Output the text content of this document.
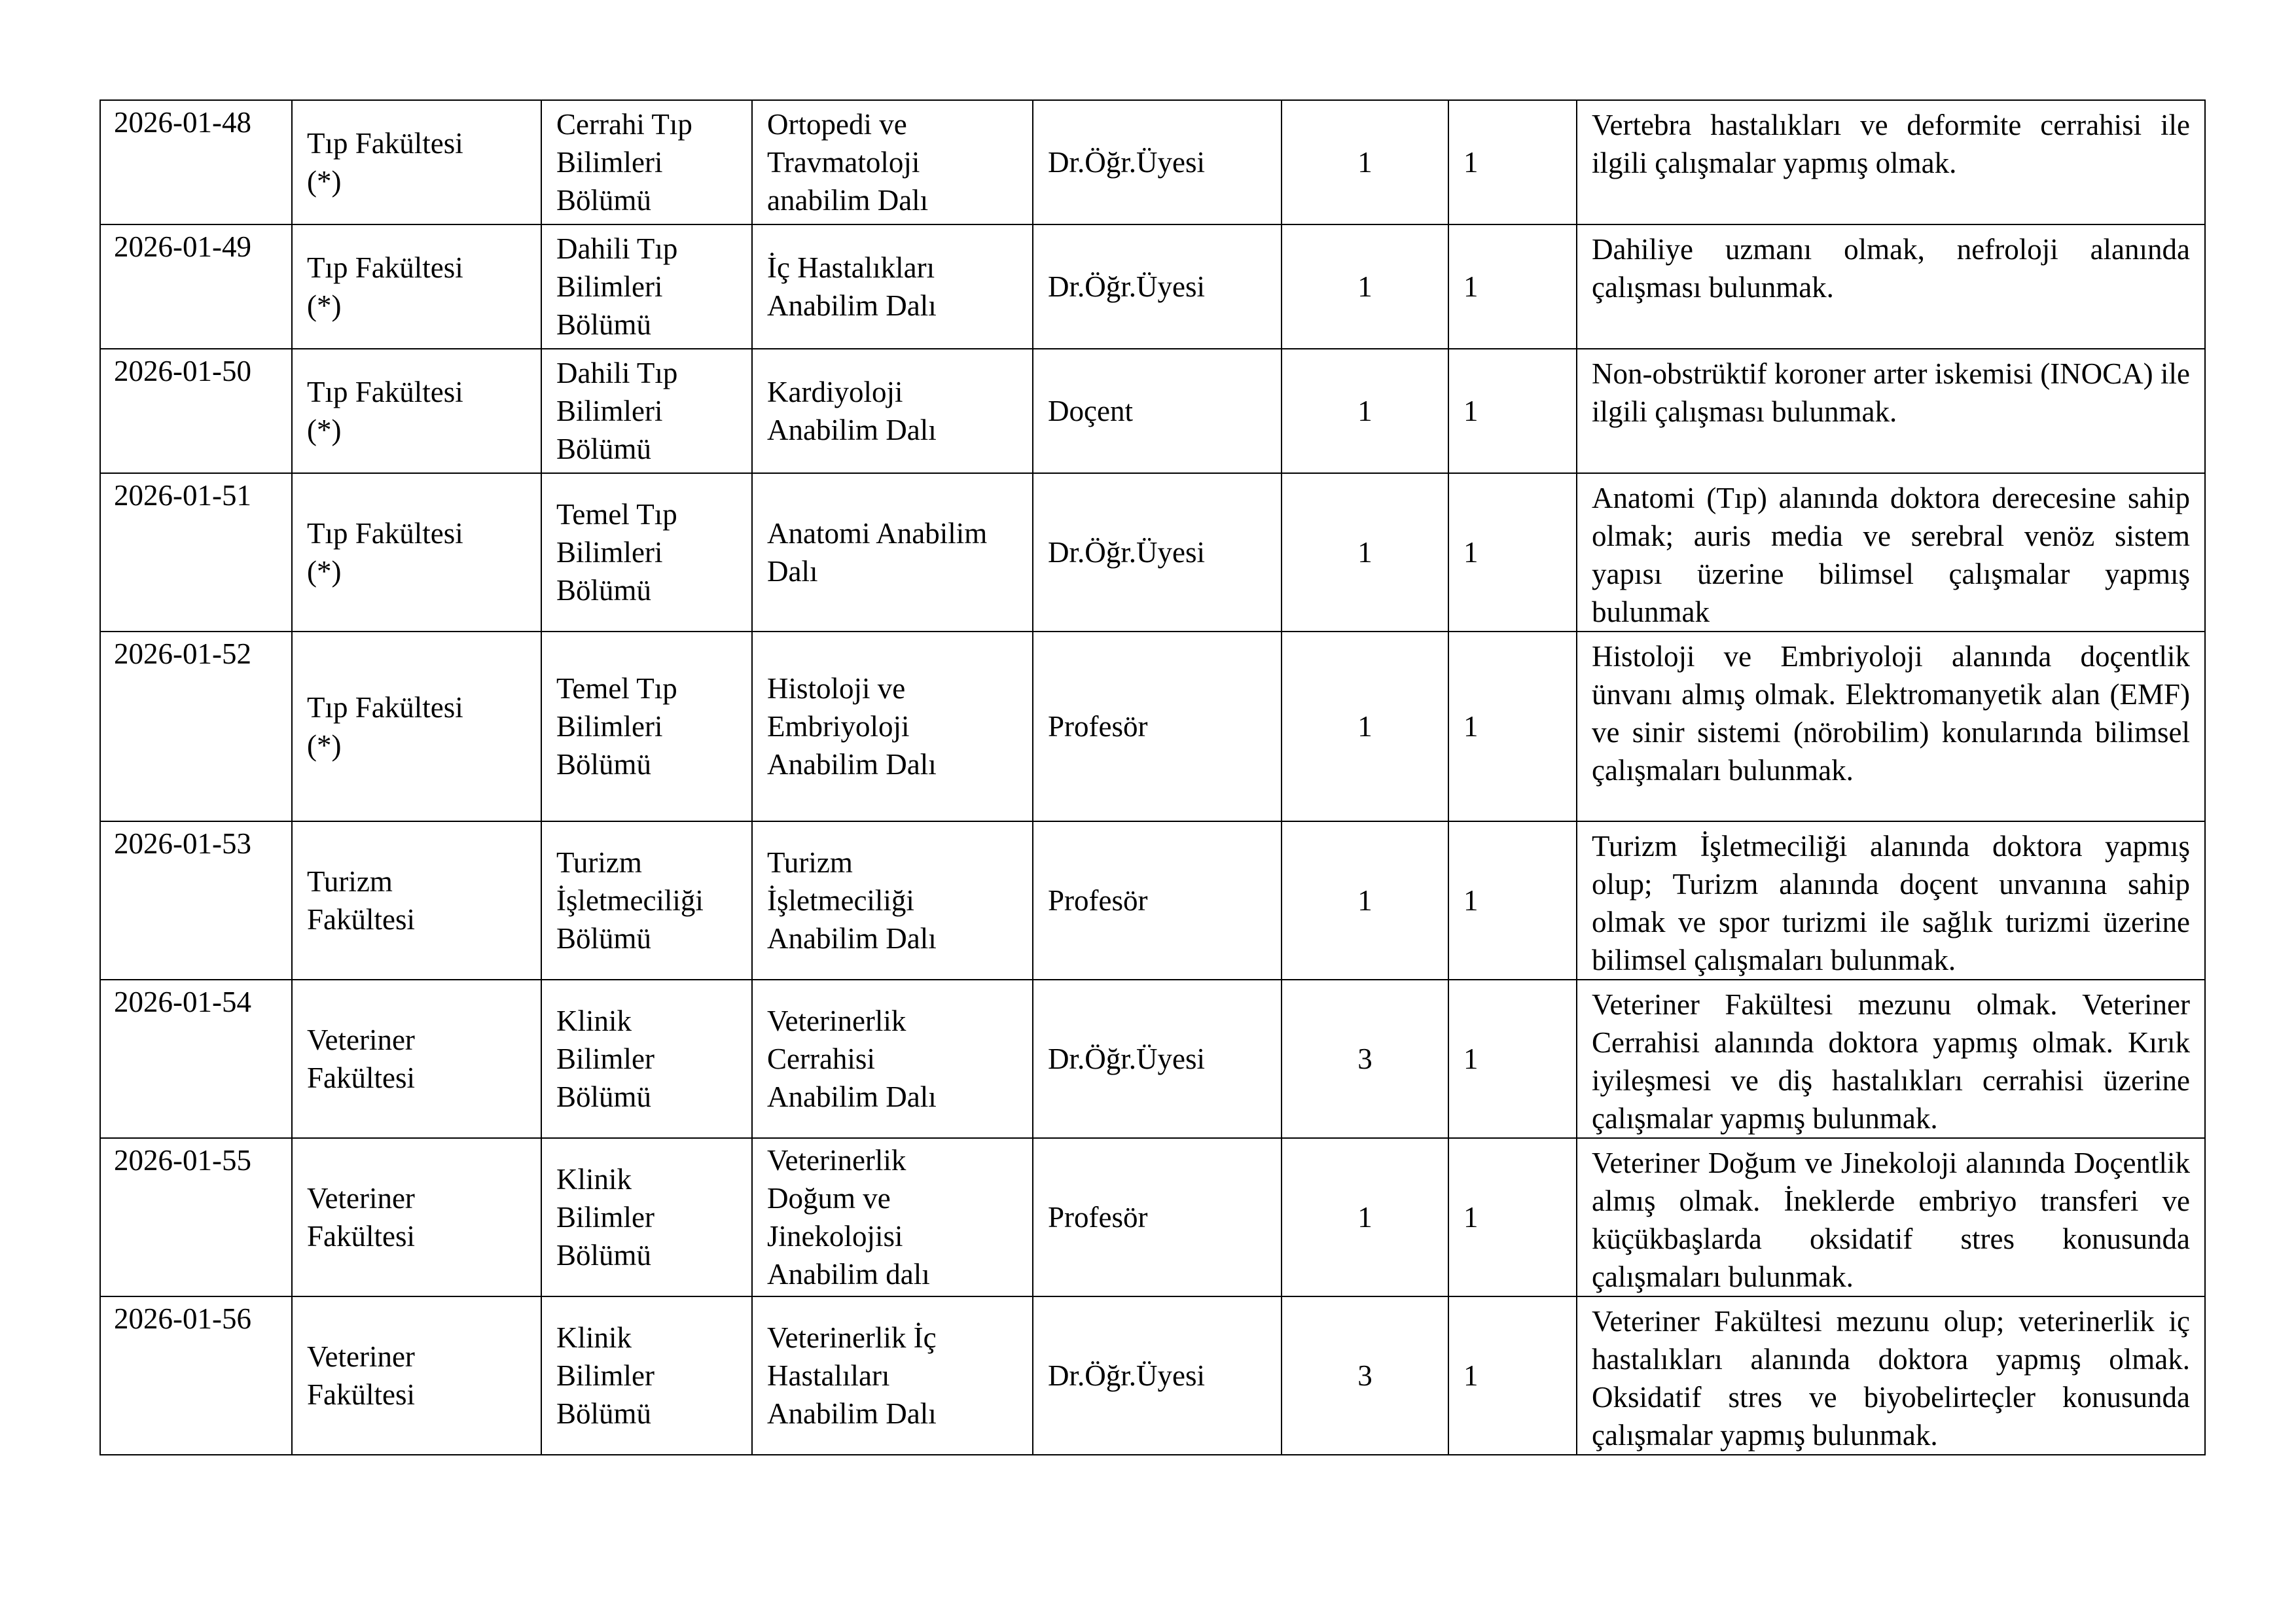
2026-01-48	Tıp Fakültesi
(*)	Cerrahi Tıp
Bilimleri
Bölümü	Ortopedi ve
Travmatoloji
anabilim Dalı	Dr.Öğr.Üyesi	1	1	Vertebra hastalıkları ve deformite cerrahisi ile ilgili çalışmalar yapmış olmak.

2026-01-49	Tıp Fakültesi
(*)	Dahili Tıp
Bilimleri
Bölümü	İç Hastalıkları
Anabilim Dalı	Dr.Öğr.Üyesi	1	1	Dahiliye uzmanı olmak, nefroloji alanında çalışması bulunmak.

2026-01-50	Tıp Fakültesi
(*)	Dahili Tıp
Bilimleri
Bölümü	Kardiyoloji
Anabilim Dalı	Doçent	1	1	Non-obstrüktif koroner arter iskemisi (INOCA) ile ilgili çalışması bulunmak.

2026-01-51	Tıp Fakültesi
(*)	Temel Tıp
Bilimleri
Bölümü	Anatomi Anabilim
Dalı	Dr.Öğr.Üyesi	1	1	Anatomi (Tıp) alanında doktora derecesine sahip olmak; auris media ve serebral venöz sistem yapısı üzerine bilimsel çalışmalar yapmış bulunmak

2026-01-52	Tıp Fakültesi
(*)	Temel Tıp
Bilimleri
Bölümü	Histoloji ve
Embriyoloji
Anabilim Dalı	Profesör	1	1	Histoloji ve Embriyoloji alanında doçentlik ünvanı almış olmak. Elektromanyetik alan (EMF) ve sinir sistemi (nörobilim) konularında bilimsel çalışmaları bulunmak.

2026-01-53	Turizm
Fakültesi	Turizm
İşletmeciliği
Bölümü	Turizm
İşletmeciliği
Anabilim Dalı	Profesör	1	1	Turizm İşletmeciliği alanında doktora yapmış olup; Turizm alanında doçent unvanına sahip olmak ve spor turizmi ile sağlık turizmi üzerine bilimsel çalışmaları bulunmak.

2026-01-54	Veteriner
Fakültesi	Klinik
Bilimler
Bölümü	Veterinerlik
Cerrahisi
Anabilim Dalı	Dr.Öğr.Üyesi	3	1	Veteriner Fakültesi mezunu olmak. Veteriner Cerrahisi alanında doktora yapmış olmak. Kırık iyileşmesi ve diş hastalıkları cerrahisi üzerine çalışmalar yapmış bulunmak.

2026-01-55	Veteriner
Fakültesi	Klinik
Bilimler
Bölümü	Veterinerlik
Doğum ve
Jinekolojisi
Anabilim dalı	Profesör	1	1	Veteriner Doğum ve Jinekoloji alanında Doçentlik almış olmak. İneklerde embriyo transferi ve küçükbaşlarda oksidatif stres konusunda çalışmaları bulunmak.

2026-01-56	Veteriner
Fakültesi	Klinik
Bilimler
Bölümü	Veterinerlik İç
Hastalıları
Anabilim Dalı	Dr.Öğr.Üyesi	3	1	Veteriner Fakültesi mezunu olup; veterinerlik iç hastalıkları alanında doktora yapmış olmak. Oksidatif stres ve biyobelirteçler konusunda çalışmalar yapmış bulunmak.
